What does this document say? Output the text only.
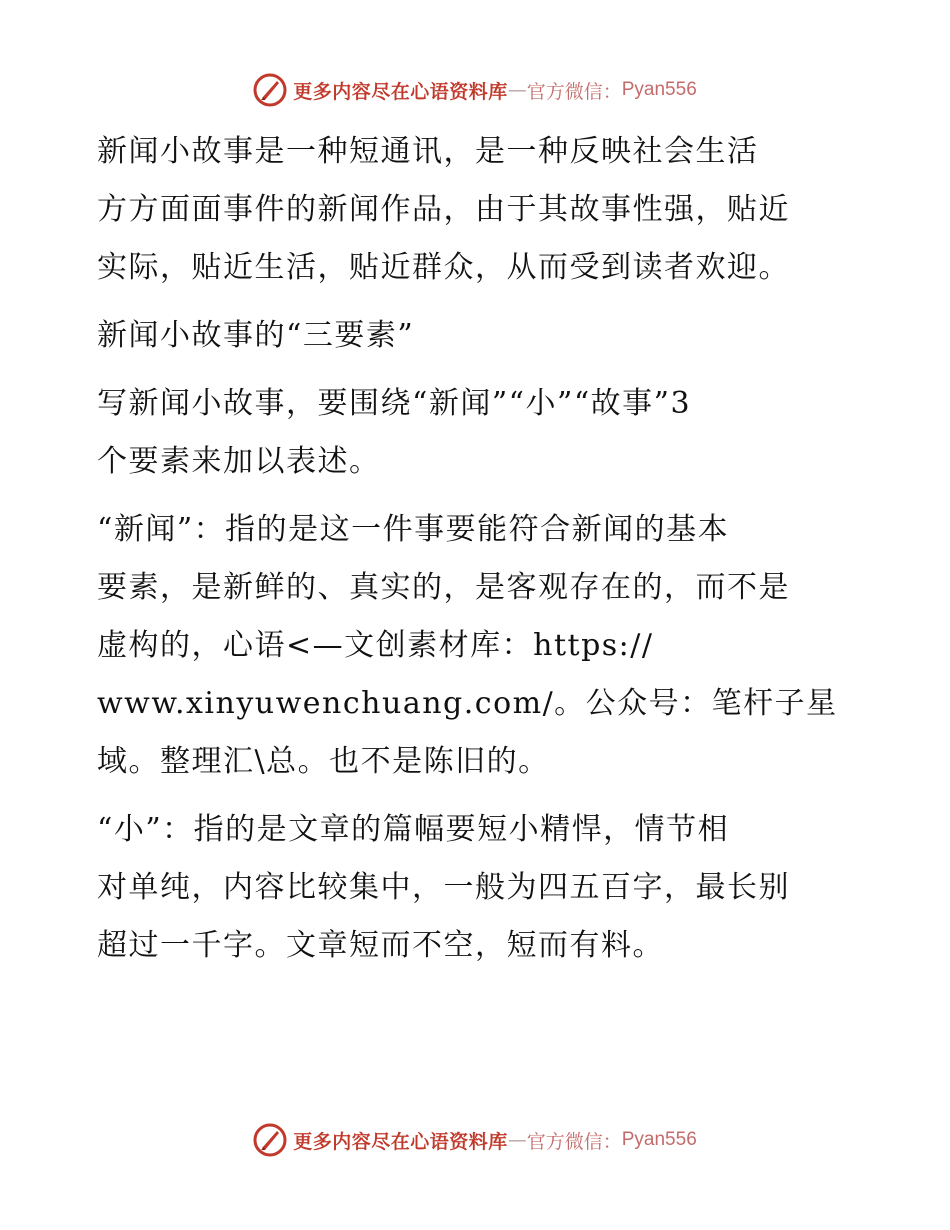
更多内容尽在心语资料库 — 官方微信： Pyan556

新闻小故事是一种短通讯，是一种反映社会生活
方方面面事件的新闻作品，由于其故事性强，贴近
实际，贴近生活，贴近群众，从而受到读者欢迎。

新闻小故事的“三要素”

写新闻小故事，要围绕“新闻”“小”“故事”3
个要素来加以表述。

“新闻”：指的是这一件事要能符合新闻的基本
要素，是新鲜的、真实的，是客观存在的，而不是
虚构的，心语<—文创素材库：https://
www.xinyuwenchuang.com/。公众号：笔杆子星
域。整理汇\总。也不是陈旧的。

“小”：指的是文章的篇幅要短小精悍，情节相
对单纯，内容比较集中，一般为四五百字，最长别
超过一千字。文章短而不空，短而有料。

更多内容尽在心语资料库 — 官方微信： Pyan556
